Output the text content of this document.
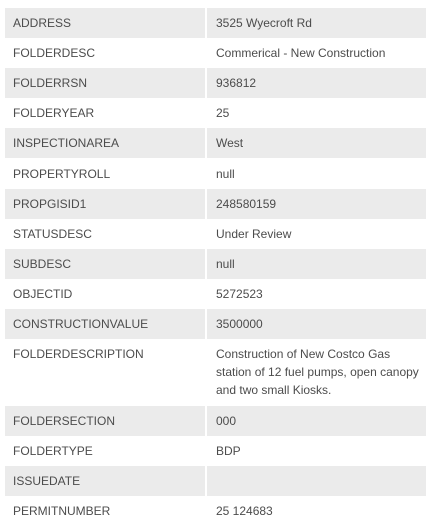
ADDRESS	3525 Wyecroft Rd
FOLDERDESC	Commerical - New Construction
FOLDERRSN	936812
FOLDERYEAR	25
INSPECTIONAREA	West
PROPERTYROLL	null
PROPGISID1	248580159
STATUSDESC	Under Review
SUBDESC	null
OBJECTID	5272523
CONSTRUCTIONVALUE	3500000
FOLDERDESCRIPTION	Construction of New Costco Gas station of 12 fuel pumps, open canopy and two small Kiosks.
FOLDERSECTION	000
FOLDERTYPE	BDP
ISSUEDATE	
PERMITNUMBER	25 124683
